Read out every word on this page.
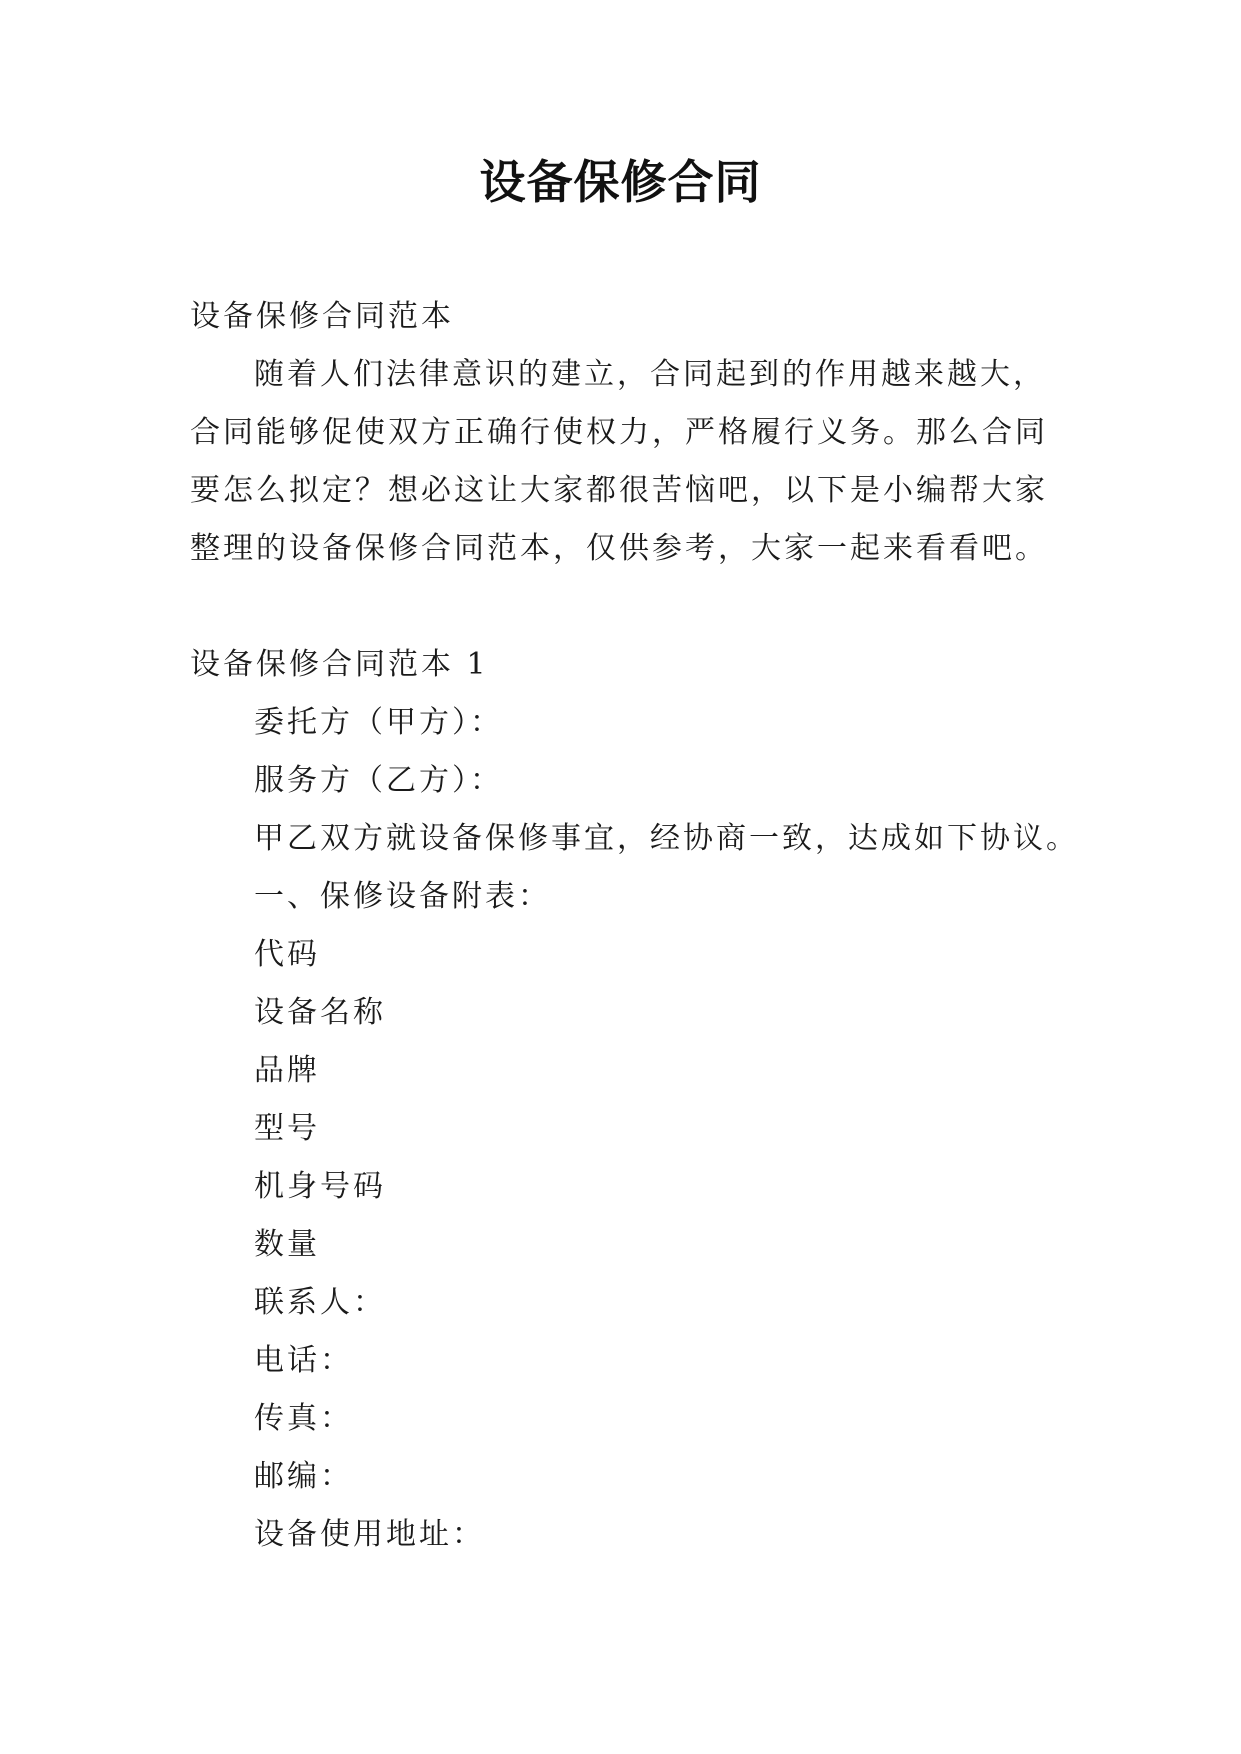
设备保修合同
设备保修合同范本
随着人们法律意识的建立，合同起到的作用越来越大，合同能够促使双方正确行使权力，严格履行义务。那么合同要怎么拟定？想必这让大家都很苦恼吧，以下是小编帮大家整理的设备保修合同范本，仅供参考，大家一起来看看吧。
设备保修合同范本 1
委托方（甲方）：
服务方（乙方）：
甲乙双方就设备保修事宜，经协商一致，达成如下协议。
一、保修设备附表：
代码
设备名称
品牌
型号
机身号码
数量
联系人：
电话：
传真：
邮编：
设备使用地址：
